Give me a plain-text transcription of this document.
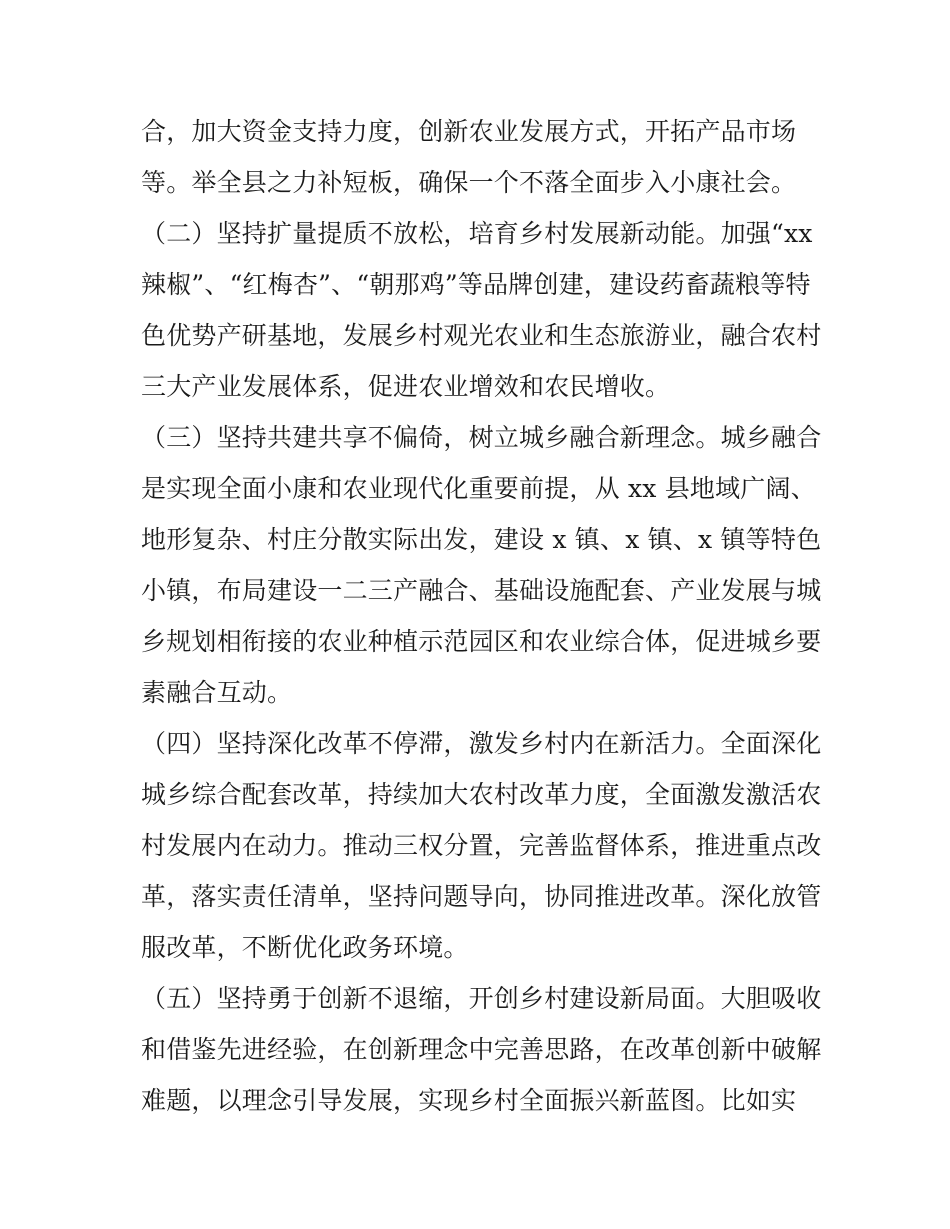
合，加大资金支持力度，创新农业发展方式，开拓产品市场
等。举全县之力补短板，确保一个不落全面步入小康社会。
（二）坚持扩量提质不放松，培育乡村发展新动能。加强“xx
辣椒”、“红梅杏”、“朝那鸡”等品牌创建，建设药畜蔬粮等特
色优势产研基地，发展乡村观光农业和生态旅游业，融合农村
三大产业发展体系，促进农业增效和农民增收。
（三）坚持共建共享不偏倚，树立城乡融合新理念。城乡融合
是实现全面小康和农业现代化重要前提，从 xx 县地域广阔、
地形复杂、村庄分散实际出发，建设 x 镇、x 镇、x 镇等特色
小镇，布局建设一二三产融合、基础设施配套、产业发展与城
乡规划相衔接的农业种植示范园区和农业综合体，促进城乡要
素融合互动。
（四）坚持深化改革不停滞，激发乡村内在新活力。全面深化
城乡综合配套改革，持续加大农村改革力度，全面激发激活农
村发展内在动力。推动三权分置，完善监督体系，推进重点改
革，落实责任清单，坚持问题导向，协同推进改革。深化放管
服改革，不断优化政务环境。
（五）坚持勇于创新不退缩，开创乡村建设新局面。大胆吸收
和借鉴先进经验，在创新理念中完善思路，在改革创新中破解
难题，以理念引导发展，实现乡村全面振兴新蓝图。比如实
